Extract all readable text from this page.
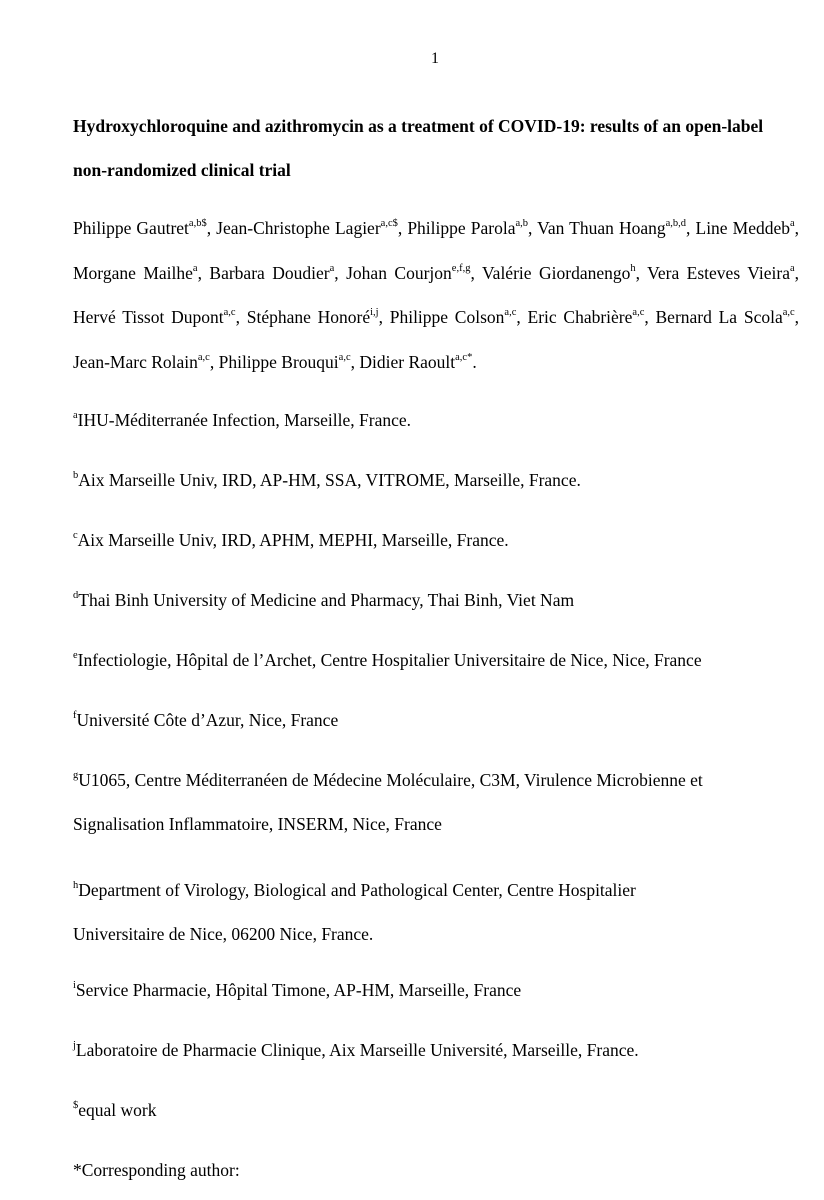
1
Hydroxychloroquine and azithromycin as a treatment of COVID-19: results of an open-label non-randomized clinical trial
Philippe Gautret$^{a,b\$}$, Jean-Christophe Lagier$^{a,c\$}$, Philippe Parola$^{a,b}$, Van Thuan Hoang$^{a,b,d}$, Line Meddeb$^a$, Morgane Mailhe$^a$, Barbara Doudier$^a$, Johan Courjon$^{e,f,g}$, Valérie Giordanengo$^h$, Vera Esteves Vieira$^a$, Hervé Tissot Dupont$^{a,c}$, Stéphane Honoré$^{i,j}$, Philippe Colson$^{a,c}$, Eric Chabrière$^{a,c}$, Bernard La Scola$^{a,c}$, Jean-Marc Rolain$^{a,c}$, Philippe Brouqui$^{a,c}$, Didier Raoult$^{a,c*}$.
$^a$IHU-Méditerranée Infection, Marseille, France.
$^b$Aix Marseille Univ, IRD, AP-HM, SSA, VITROME, Marseille, France.
$^c$Aix Marseille Univ, IRD, APHM, MEPHI, Marseille, France.
$^d$Thai Binh University of Medicine and Pharmacy, Thai Binh, Viet Nam
$^e$Infectiologie, Hôpital de l’Archet, Centre Hospitalier Universitaire de Nice, Nice, France
$^f$Université Côte d’Azur, Nice, France
$^g$U1065, Centre Méditerranéen de Médecine Moléculaire, C3M, Virulence Microbienne et
Signalisation Inflammatoire, INSERM, Nice, France
$^h$Department of Virology, Biological and Pathological Center, Centre Hospitalier
Universitaire de Nice, 06200 Nice, France.
$^i$Service Pharmacie, Hôpital Timone, AP-HM, Marseille, France
$^j$Laboratoire de Pharmacie Clinique, Aix Marseille Université, Marseille, France.
$equal work
*Corresponding author:
